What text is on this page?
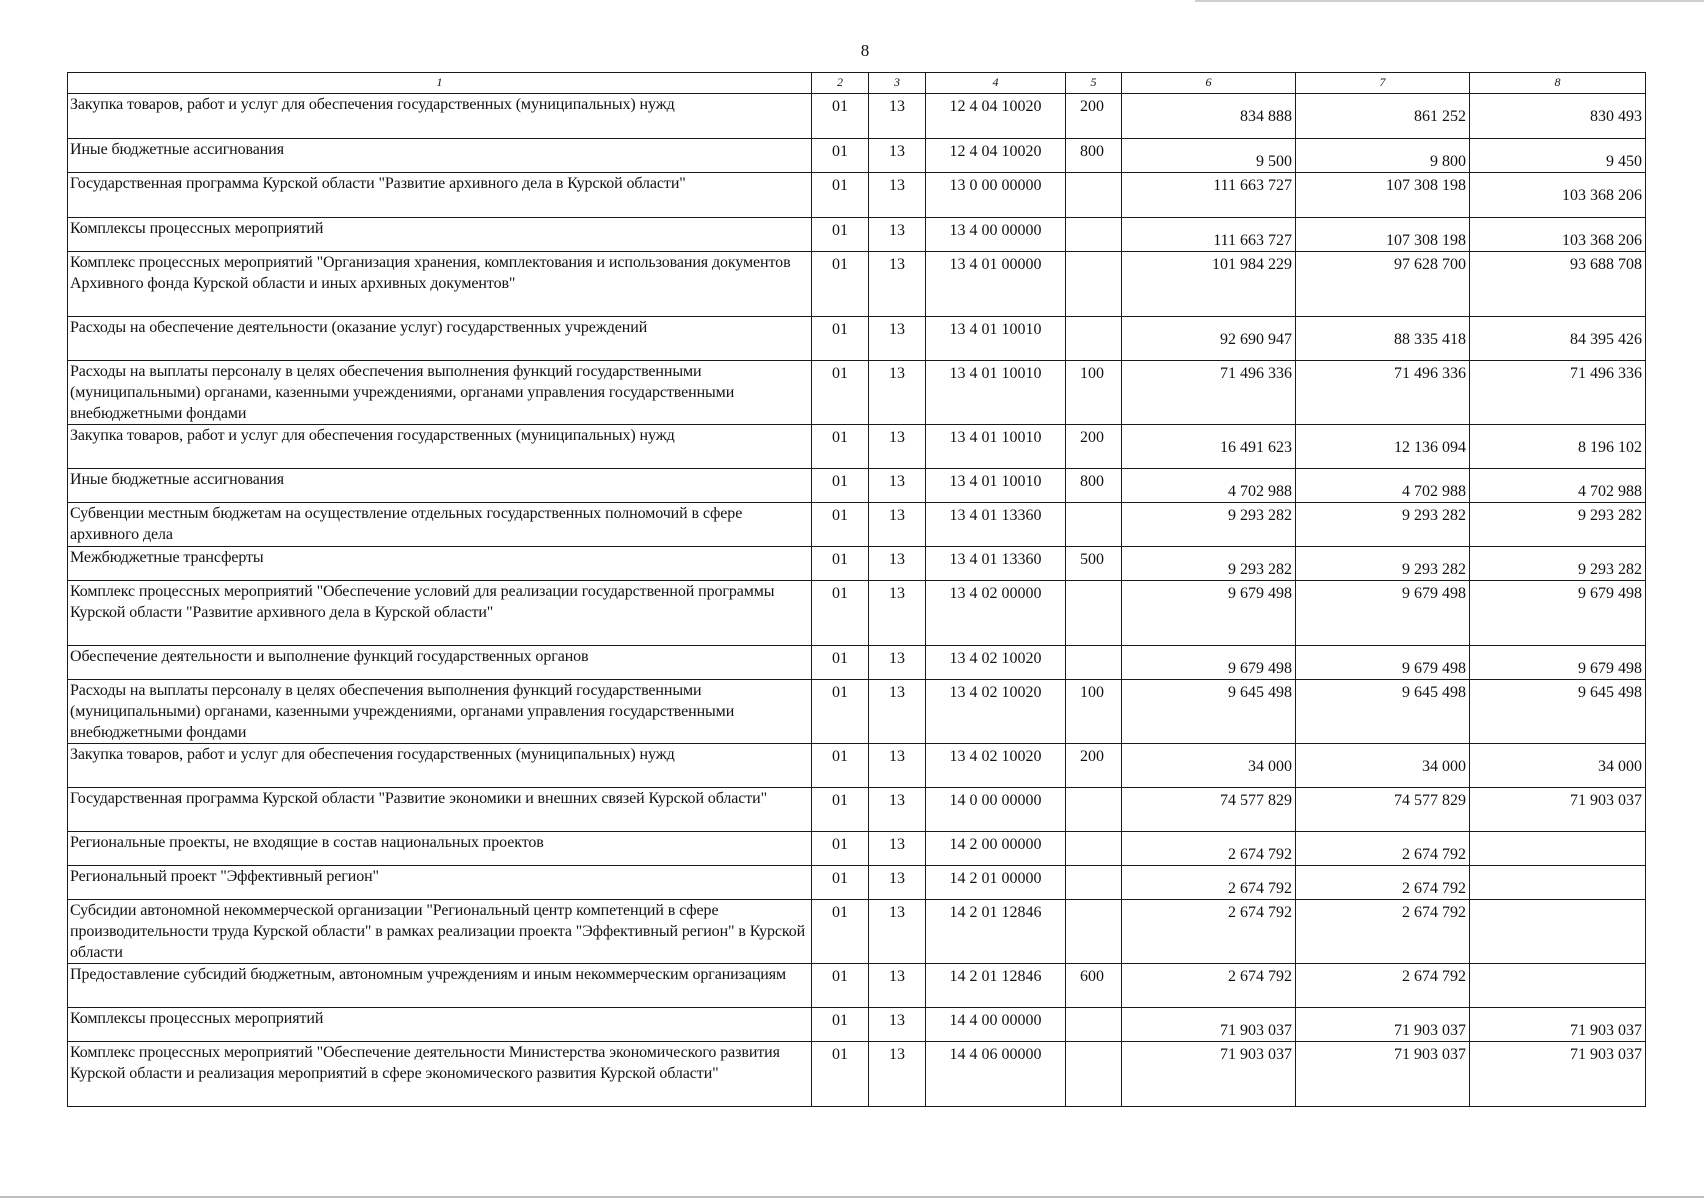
8
1	2	3	4	5	6	7	8
Закупка товаров, работ и услуг для обеспечения государственных (муниципальных) нужд	01	13	12 4 04 10020	200	834 888	861 252	830 493
Иные бюджетные ассигнования	01	13	12 4 04 10020	800	9 500	9 800	9 450
Государственная программа Курской области "Развитие архивного дела в Курской области"	01	13	13 0 00 00000		111 663 727	107 308 198	103 368 206
Комплексы процессных мероприятий	01	13	13 4 00 00000		111 663 727	107 308 198	103 368 206
Комплекс процессных мероприятий "Организация хранения, комплектования и использования документов Архивного фонда Курской области и иных архивных документов"	01	13	13 4 01 00000		101 984 229	97 628 700	93 688 708
Расходы на обеспечение деятельности (оказание услуг) государственных учреждений	01	13	13 4 01 10010		92 690 947	88 335 418	84 395 426
Расходы на выплаты персоналу в целях обеспечения выполнения функций государственными (муниципальными) органами, казенными учреждениями, органами управления государственными внебюджетными фондами	01	13	13 4 01 10010	100	71 496 336	71 496 336	71 496 336
Закупка товаров, работ и услуг для обеспечения государственных (муниципальных) нужд	01	13	13 4 01 10010	200	16 491 623	12 136 094	8 196 102
Иные бюджетные ассигнования	01	13	13 4 01 10010	800	4 702 988	4 702 988	4 702 988
Субвенции местным бюджетам на осуществление отдельных государственных полномочий в сфере архивного дела	01	13	13 4 01 13360		9 293 282	9 293 282	9 293 282
Межбюджетные трансферты	01	13	13 4 01 13360	500	9 293 282	9 293 282	9 293 282
Комплекс процессных мероприятий "Обеспечение условий для реализации государственной программы Курской области "Развитие архивного дела в Курской области"	01	13	13 4 02 00000		9 679 498	9 679 498	9 679 498
Обеспечение деятельности и выполнение функций государственных органов	01	13	13 4 02 10020		9 679 498	9 679 498	9 679 498
Расходы на выплаты персоналу в целях обеспечения выполнения функций государственными (муниципальными) органами, казенными учреждениями, органами управления государственными внебюджетными фондами	01	13	13 4 02 10020	100	9 645 498	9 645 498	9 645 498
Закупка товаров, работ и услуг для обеспечения государственных (муниципальных) нужд	01	13	13 4 02 10020	200	34 000	34 000	34 000
Государственная программа Курской области "Развитие экономики и внешних связей Курской области"	01	13	14 0 00 00000		74 577 829	74 577 829	71 903 037
Региональные проекты, не входящие в состав национальных проектов	01	13	14 2 00 00000		2 674 792	2 674 792	
Региональный проект "Эффективный регион"	01	13	14 2 01 00000		2 674 792	2 674 792	
Субсидии автономной некоммерческой организации "Региональный центр компетенций в сфере производительности труда Курской области" в рамках реализации проекта "Эффективный регион" в Курской области	01	13	14 2 01 12846		2 674 792	2 674 792	
Предоставление субсидий бюджетным, автономным учреждениям и иным некоммерческим организациям	01	13	14 2 01 12846	600	2 674 792	2 674 792	
Комплексы процессных мероприятий	01	13	14 4 00 00000		71 903 037	71 903 037	71 903 037
Комплекс процессных мероприятий "Обеспечение деятельности Министерства экономического развития Курской области и реализация мероприятий в сфере экономического развития Курской области"	01	13	14 4 06 00000		71 903 037	71 903 037	71 903 037
